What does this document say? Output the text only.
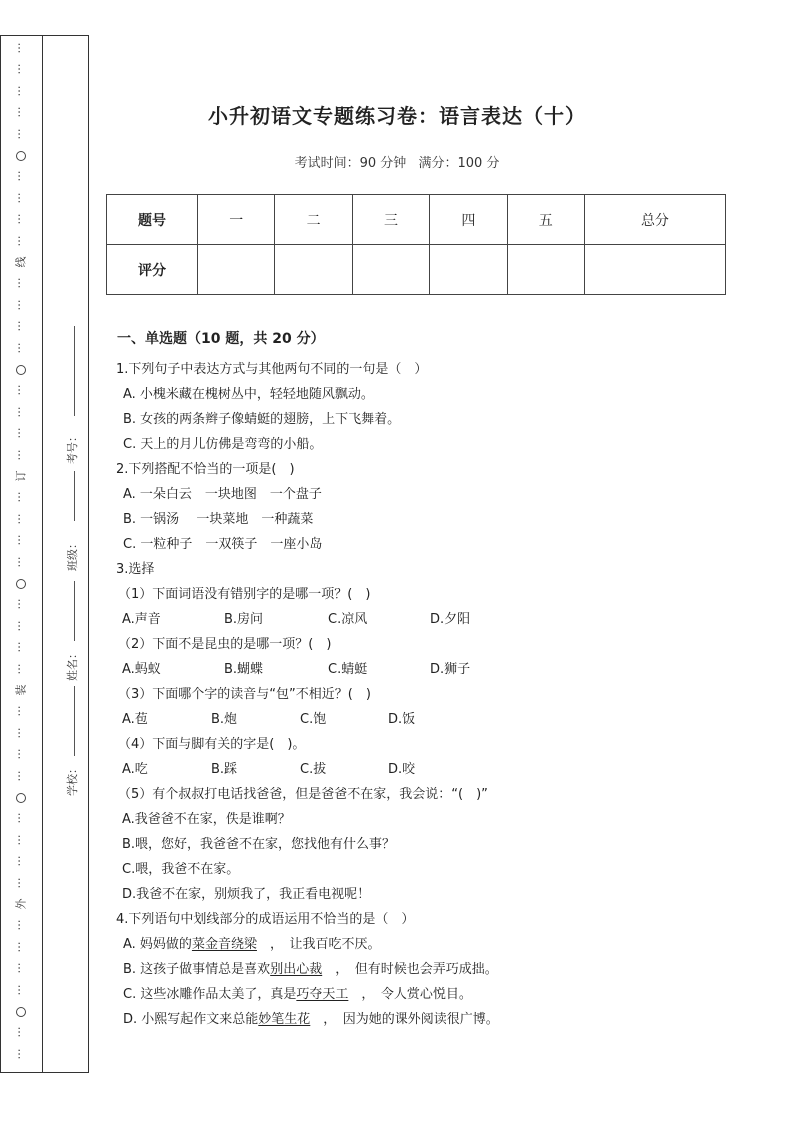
…
…
…
…
…
…
…
…
…
线
…
…
…
…
…
…
…
…
订
…
…
…
…
…
…
…
…
装
…
…
…
…
…
…
…
…
外
…
…
…
…
…
…
考号：
班级：
姓名：
学校：
小升初语文专题练习卷：语言表达（十）
考试时间：90 分钟 满分：100 分
题号	一	二	三	四	五	总分
评分						
一、单选题（10 题，共 20 分）
1.下列句子中表达方式与其他两句不同的一句是（　）
A. 小槐米藏在槐树丛中，轻轻地随风飘动。
B. 女孩的两条辫子像蜻蜓的翅膀，上下飞舞着。
C. 天上的月儿仿佛是弯弯的小船。
2.下列搭配不恰当的一项是(　)
A. 一朵白云　一块地图　一个盘子
B. 一锅汤　 一块菜地　一种蔬菜
C. 一粒种子　一双筷子　一座小岛
3.选择
（1）下面词语没有错别字的是哪一项？(　)
A.声音	B.房问	C.凉风	D.夕阳
（2）下面不是昆虫的是哪一项？(　)
A.蚂蚁	B.蝴蝶	C.蜻蜓	D.狮子
（3）下面哪个字的读音与“包”不相近？(　)
A.苞	B.炮	C.饱	D.饭
（4）下面与脚有关的字是(　)。
A.吃	B.踩	C.拔	D.咬
（5）有个叔叔打电话找爸爸，但是爸爸不在家，我会说：“(　)”
A.我爸爸不在家，佚是谁啊？
B.喂，您好，我爸爸不在家，您找他有什么事？
C.喂，我爸不在家。
D.我爸不在家，别烦我了，我正看电视呢！
4.下列语句中划线部分的成语运用不恰当的是（　）
A. 妈妈做的菜金音绕梁　，　让我百吃不厌。
B. 这孩子做事情总是喜欢别出心裁　，　但有时候也会弄巧成拙。
C. 这些冰雕作品太美了，真是巧夺天工　，　令人赏心悦目。
D. 小熙写起作文来总能妙笔生花　，　因为她的课外阅读很广博。
